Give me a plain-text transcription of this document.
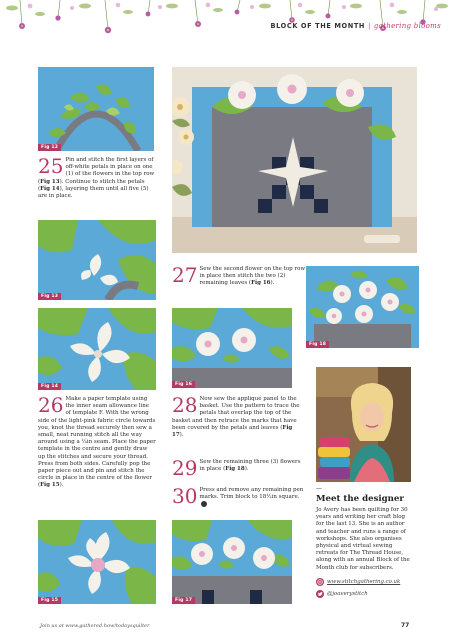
BLOCK OF THE MONTH | gathering blooms
Fig 12
25 Pin and stitch the first layers of off-white petals in place on one (1) of the flowers in the top row (Fig 13). Continue to stitch the petals (Fig 14), layering them until all five (5) are in place.
Fig 13
Fig 14
26 Make a paper template using the inner seam allowance line of template F. With the wrong side of the light-pink fabric circle towards you, knot the thread securely then sew a small, neat running stitch all the way around using a ¼in seam. Place the paper template in the centre and gently draw up the stitches and secure your thread. Press from both sides. Carefully pop the paper piece out and pin and stitch the circle in place in the centre of the flower (Fig 15).
Fig 15
27 Sew the second flower on the top row in place then stitch the two (2) remaining leaves (Fig 16).
Fig 18
Fig 16
28 Now sew the appliqué panel to the basket. Use the pattern to trace the petals that overlap the top of the basket and then retrace the marks that have been covered by the petals and leaves (Fig 17).
29 Sew the remaining three (3) flowers in place (Fig 18).
30 Press and remove any remaining pen marks. Trim block to 18½in square.
Fig 17
—
Meet the designer
Jo Avery has been quilting for 30 years and writing her craft blog for the last 13. She is an author and teacher and runs a range of workshops. She also organises physical and virtual sewing retreats for The Thread House, along with an annual Block of the Month club for subscribers.
www.stitchgathering.co.uk
@joaverystitch
Join us at www.gathered.how/todaysquilter	77
